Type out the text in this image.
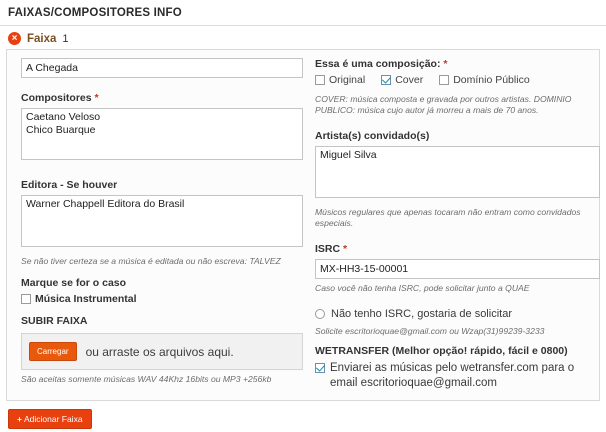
FAIXAS/COMPOSITORES INFO
× Faixa 1
A Chegada
Compositores *
Caetano Veloso Chico Buarque
Editora - Se houver
Warner Chappell Editora do Brasil
Se não tiver certeza se a música é editada ou não escreva: TALVEZ
Marque se for o caso
Música Instrumental
SUBIR FAIXA
Carregar	ou arraste os arquivos aqui.
São aceitas somente músicas WAV 44Khz 16bits ou MP3 +256kb
Essa é uma composição: *
Original	Cover	Domínio Público
COVER: música composta e gravada por outros artistas. DOMINIO PUBLICO: música cujo autor já morreu a mais de 70 anos.
Artista(s) convidado(s)
Miguel Silva
Músicos regulares que apenas tocaram não entram como convidados especiais.
ISRC *
MX-HH3-15-00001
Caso você não tenha ISRC, pode solicitar junto a QUAE
Não tenho ISRC, gostaria de solicitar
Solicite escritorioquae@gmail.com ou Wzap(31)99239-3233
WETRANSFER (Melhor opção! rápido, fácil e 0800)
Enviarei as músicas pelo wetransfer.com para o email escritorioquae@gmail.com
+ Adicionar Faixa
